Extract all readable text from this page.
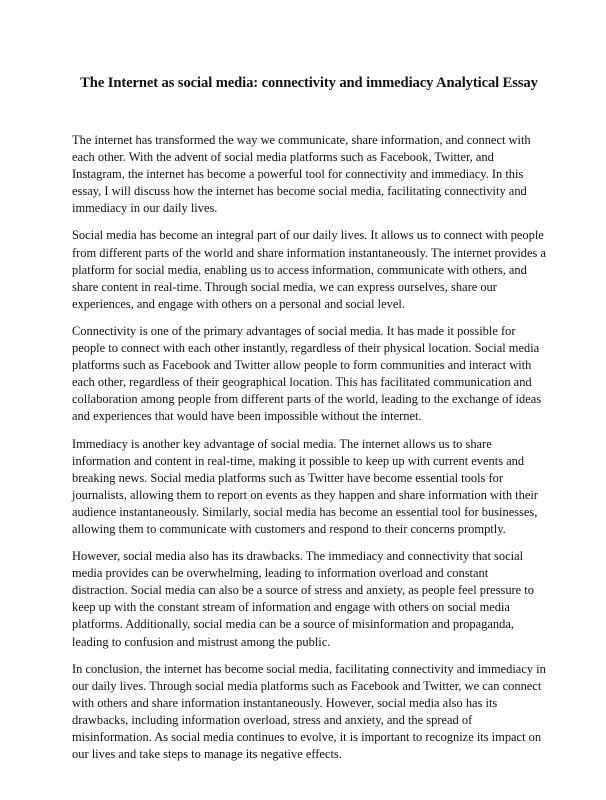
The Internet as social media: connectivity and immediacy Analytical Essay

The internet has transformed the way we communicate, share information, and connect with each other. With the advent of social media platforms such as Facebook, Twitter, and Instagram, the internet has become a powerful tool for connectivity and immediacy. In this essay, I will discuss how the internet has become social media, facilitating connectivity and immediacy in our daily lives.

Social media has become an integral part of our daily lives. It allows us to connect with people from different parts of the world and share information instantaneously. The internet provides a platform for social media, enabling us to access information, communicate with others, and share content in real-time. Through social media, we can express ourselves, share our experiences, and engage with others on a personal and social level.

Connectivity is one of the primary advantages of social media. It has made it possible for people to connect with each other instantly, regardless of their physical location. Social media platforms such as Facebook and Twitter allow people to form communities and interact with each other, regardless of their geographical location. This has facilitated communication and collaboration among people from different parts of the world, leading to the exchange of ideas and experiences that would have been impossible without the internet.

Immediacy is another key advantage of social media. The internet allows us to share information and content in real-time, making it possible to keep up with current events and breaking news. Social media platforms such as Twitter have become essential tools for journalists, allowing them to report on events as they happen and share information with their audience instantaneously. Similarly, social media has become an essential tool for businesses, allowing them to communicate with customers and respond to their concerns promptly.

However, social media also has its drawbacks. The immediacy and connectivity that social media provides can be overwhelming, leading to information overload and constant distraction. Social media can also be a source of stress and anxiety, as people feel pressure to keep up with the constant stream of information and engage with others on social media platforms. Additionally, social media can be a source of misinformation and propaganda, leading to confusion and mistrust among the public.

In conclusion, the internet has become social media, facilitating connectivity and immediacy in our daily lives. Through social media platforms such as Facebook and Twitter, we can connect with others and share information instantaneously. However, social media also has its drawbacks, including information overload, stress and anxiety, and the spread of misinformation. As social media continues to evolve, it is important to recognize its impact on our lives and take steps to manage its negative effects.
